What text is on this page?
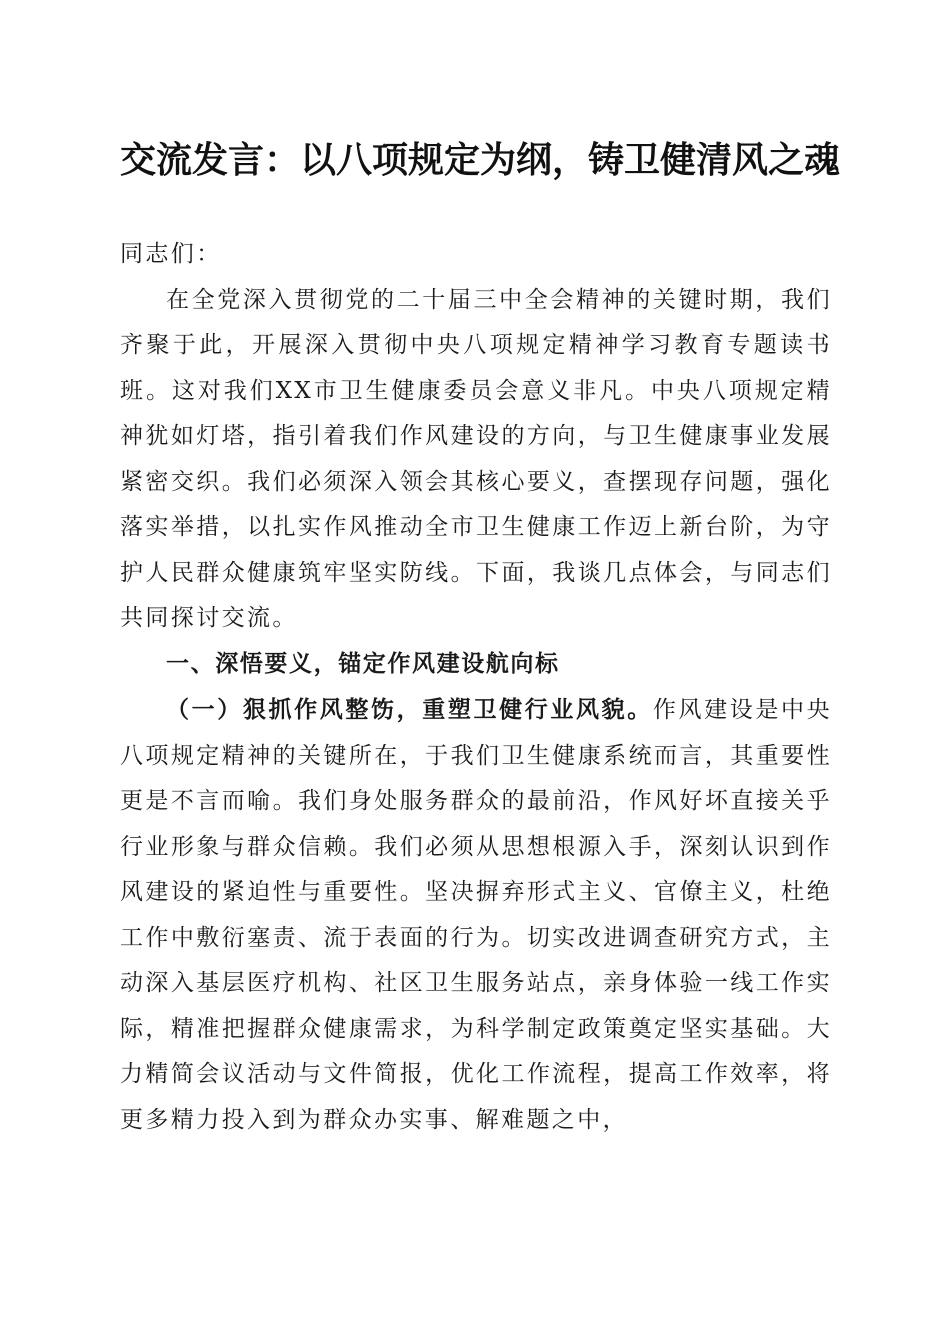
交流发言：以八项规定为纲，铸卫健清风之魂

同志们：

在全党深入贯彻党的二十届三中全会精神的关键时期，我们齐聚于此，开展深入贯彻中央八项规定精神学习教育专题读书班。这对我们XX市卫生健康委员会意义非凡。中央八项规定精神犹如灯塔，指引着我们作风建设的方向，与卫生健康事业发展紧密交织。我们必须深入领会其核心要义，查摆现存问题，强化落实举措，以扎实作风推动全市卫生健康工作迈上新台阶，为守护人民群众健康筑牢坚实防线。下面，我谈几点体会，与同志们共同探讨交流。

一、深悟要义，锚定作风建设航向标

（一）狠抓作风整饬，重塑卫健行业风貌。作风建设是中央八项规定精神的关键所在，于我们卫生健康系统而言，其重要性更是不言而喻。我们身处服务群众的最前沿，作风好坏直接关乎行业形象与群众信赖。我们必须从思想根源入手，深刻认识到作风建设的紧迫性与重要性。坚决摒弃形式主义、官僚主义，杜绝工作中敷衍塞责、流于表面的行为。切实改进调查研究方式，主动深入基层医疗机构、社区卫生服务站点，亲身体验一线工作实际，精准把握群众健康需求，为科学制定政策奠定坚实基础。大力精简会议活动与文件简报，优化工作流程，提高工作效率，将更多精力投入到为群众办实事、解难题之中，
